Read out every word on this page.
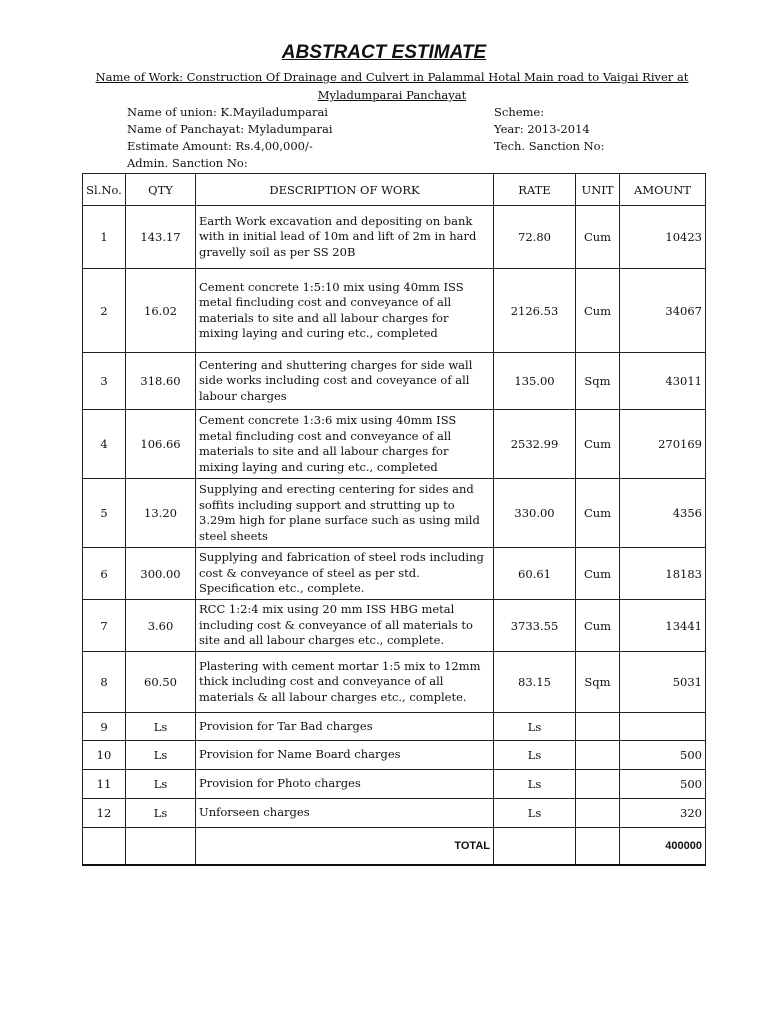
ABSTRACT ESTIMATE
Name of Work: Construction Of Drainage and Culvert in Palammal Hotal Main road to Vaigai River at Myladumparai Panchayat
Name of union: K.Mayiladumparai
Name of Panchayat: Myladumparai
Estimate Amount: Rs.4,00,000/-
Admin. Sanction No:
Scheme:
Year: 2013-2014
Tech. Sanction No:
Sl.No.	QTY	DESCRIPTION OF WORK	RATE	UNIT	AMOUNT
1	143.17	Earth Work excavation and depositing on bank with in initial lead of 10m and lift of 2m in hard gravelly soil as per SS 20B	72.80	Cum	10423
2	16.02	Cement concrete 1:5:10 mix using 40mm ISS metal fincluding cost and conveyance of all materials to site and all labour charges for mixing laying and curing etc., completed	2126.53	Cum	34067
3	318.60	Centering and shuttering charges for side wall side works including cost and coveyance of all labour charges	135.00	Sqm	43011
4	106.66	Cement concrete 1:3:6 mix using 40mm ISS metal fincluding cost and conveyance of all materials to site and all labour charges for mixing laying and curing etc., completed	2532.99	Cum	270169
5	13.20	Supplying and erecting centering for sides and soffits including support and strutting up to 3.29m high for plane surface such as using mild steel sheets	330.00	Cum	4356
6	300.00	Supplying and fabrication of steel rods including cost & conveyance of steel as per std. Specification etc., complete.	60.61	Cum	18183
7	3.60	RCC 1:2:4 mix using 20 mm ISS HBG metal including cost & conveyance of all materials to site and all labour charges etc., complete.	3733.55	Cum	13441
8	60.50	Plastering with cement mortar 1:5 mix to 12mm thick including cost and conveyance of all materials & all labour charges etc., complete.	83.15	Sqm	5031
9	Ls	Provision for Tar Bad charges	Ls		
10	Ls	Provision for Name Board charges	Ls		500
11	Ls	Provision for Photo charges	Ls		500
12	Ls	Unforseen charges	Ls		320
		TOTAL			400000
